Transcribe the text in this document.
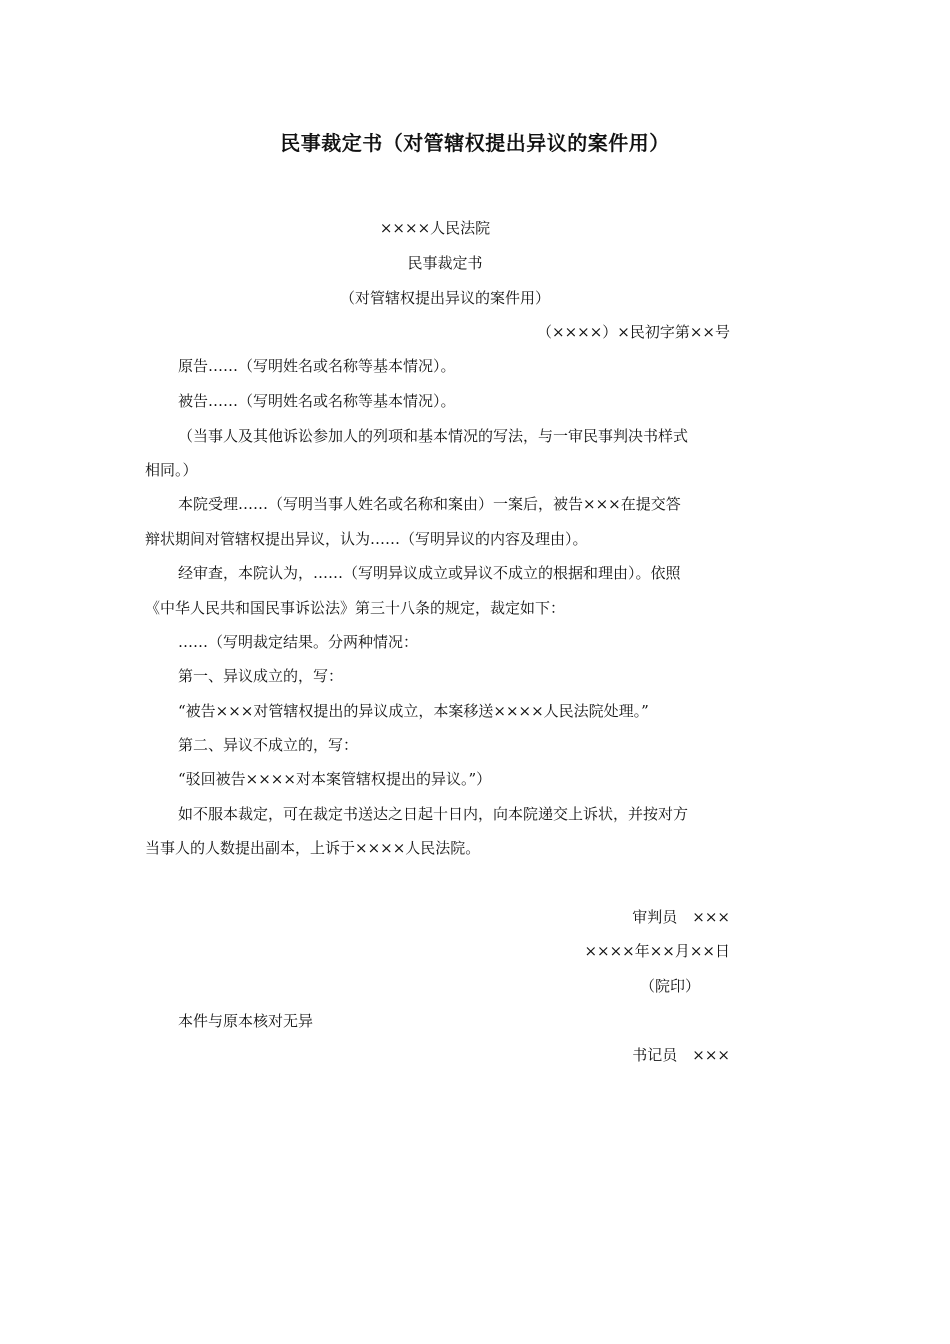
民事裁定书（对管辖权提出异议的案件用）
××××人民法院
民事裁定书
（对管辖权提出异议的案件用）
（××××）×民初字第××号
原告……（写明姓名或名称等基本情况）。
被告……（写明姓名或名称等基本情况）。
（当事人及其他诉讼参加人的列项和基本情况的写法，与一审民事判决书样式
相同。）
本院受理……（写明当事人姓名或名称和案由）一案后，被告×××在提交答
辩状期间对管辖权提出异议，认为……（写明异议的内容及理由）。
经审查，本院认为，……（写明异议成立或异议不成立的根据和理由）。依照
《中华人民共和国民事诉讼法》第三十八条的规定，裁定如下：
……（写明裁定结果。分两种情况：
第一、异议成立的，写：
“被告×××对管辖权提出的异议成立，本案移送××××人民法院处理。”
第二、异议不成立的，写：
“驳回被告××××对本案管辖权提出的异议。”）
如不服本裁定，可在裁定书送达之日起十日内，向本院递交上诉状，并按对方
当事人的人数提出副本，上诉于××××人民法院。
审判员　×××
××××年××月××日
（院印）
本件与原本核对无异
书记员　×××
